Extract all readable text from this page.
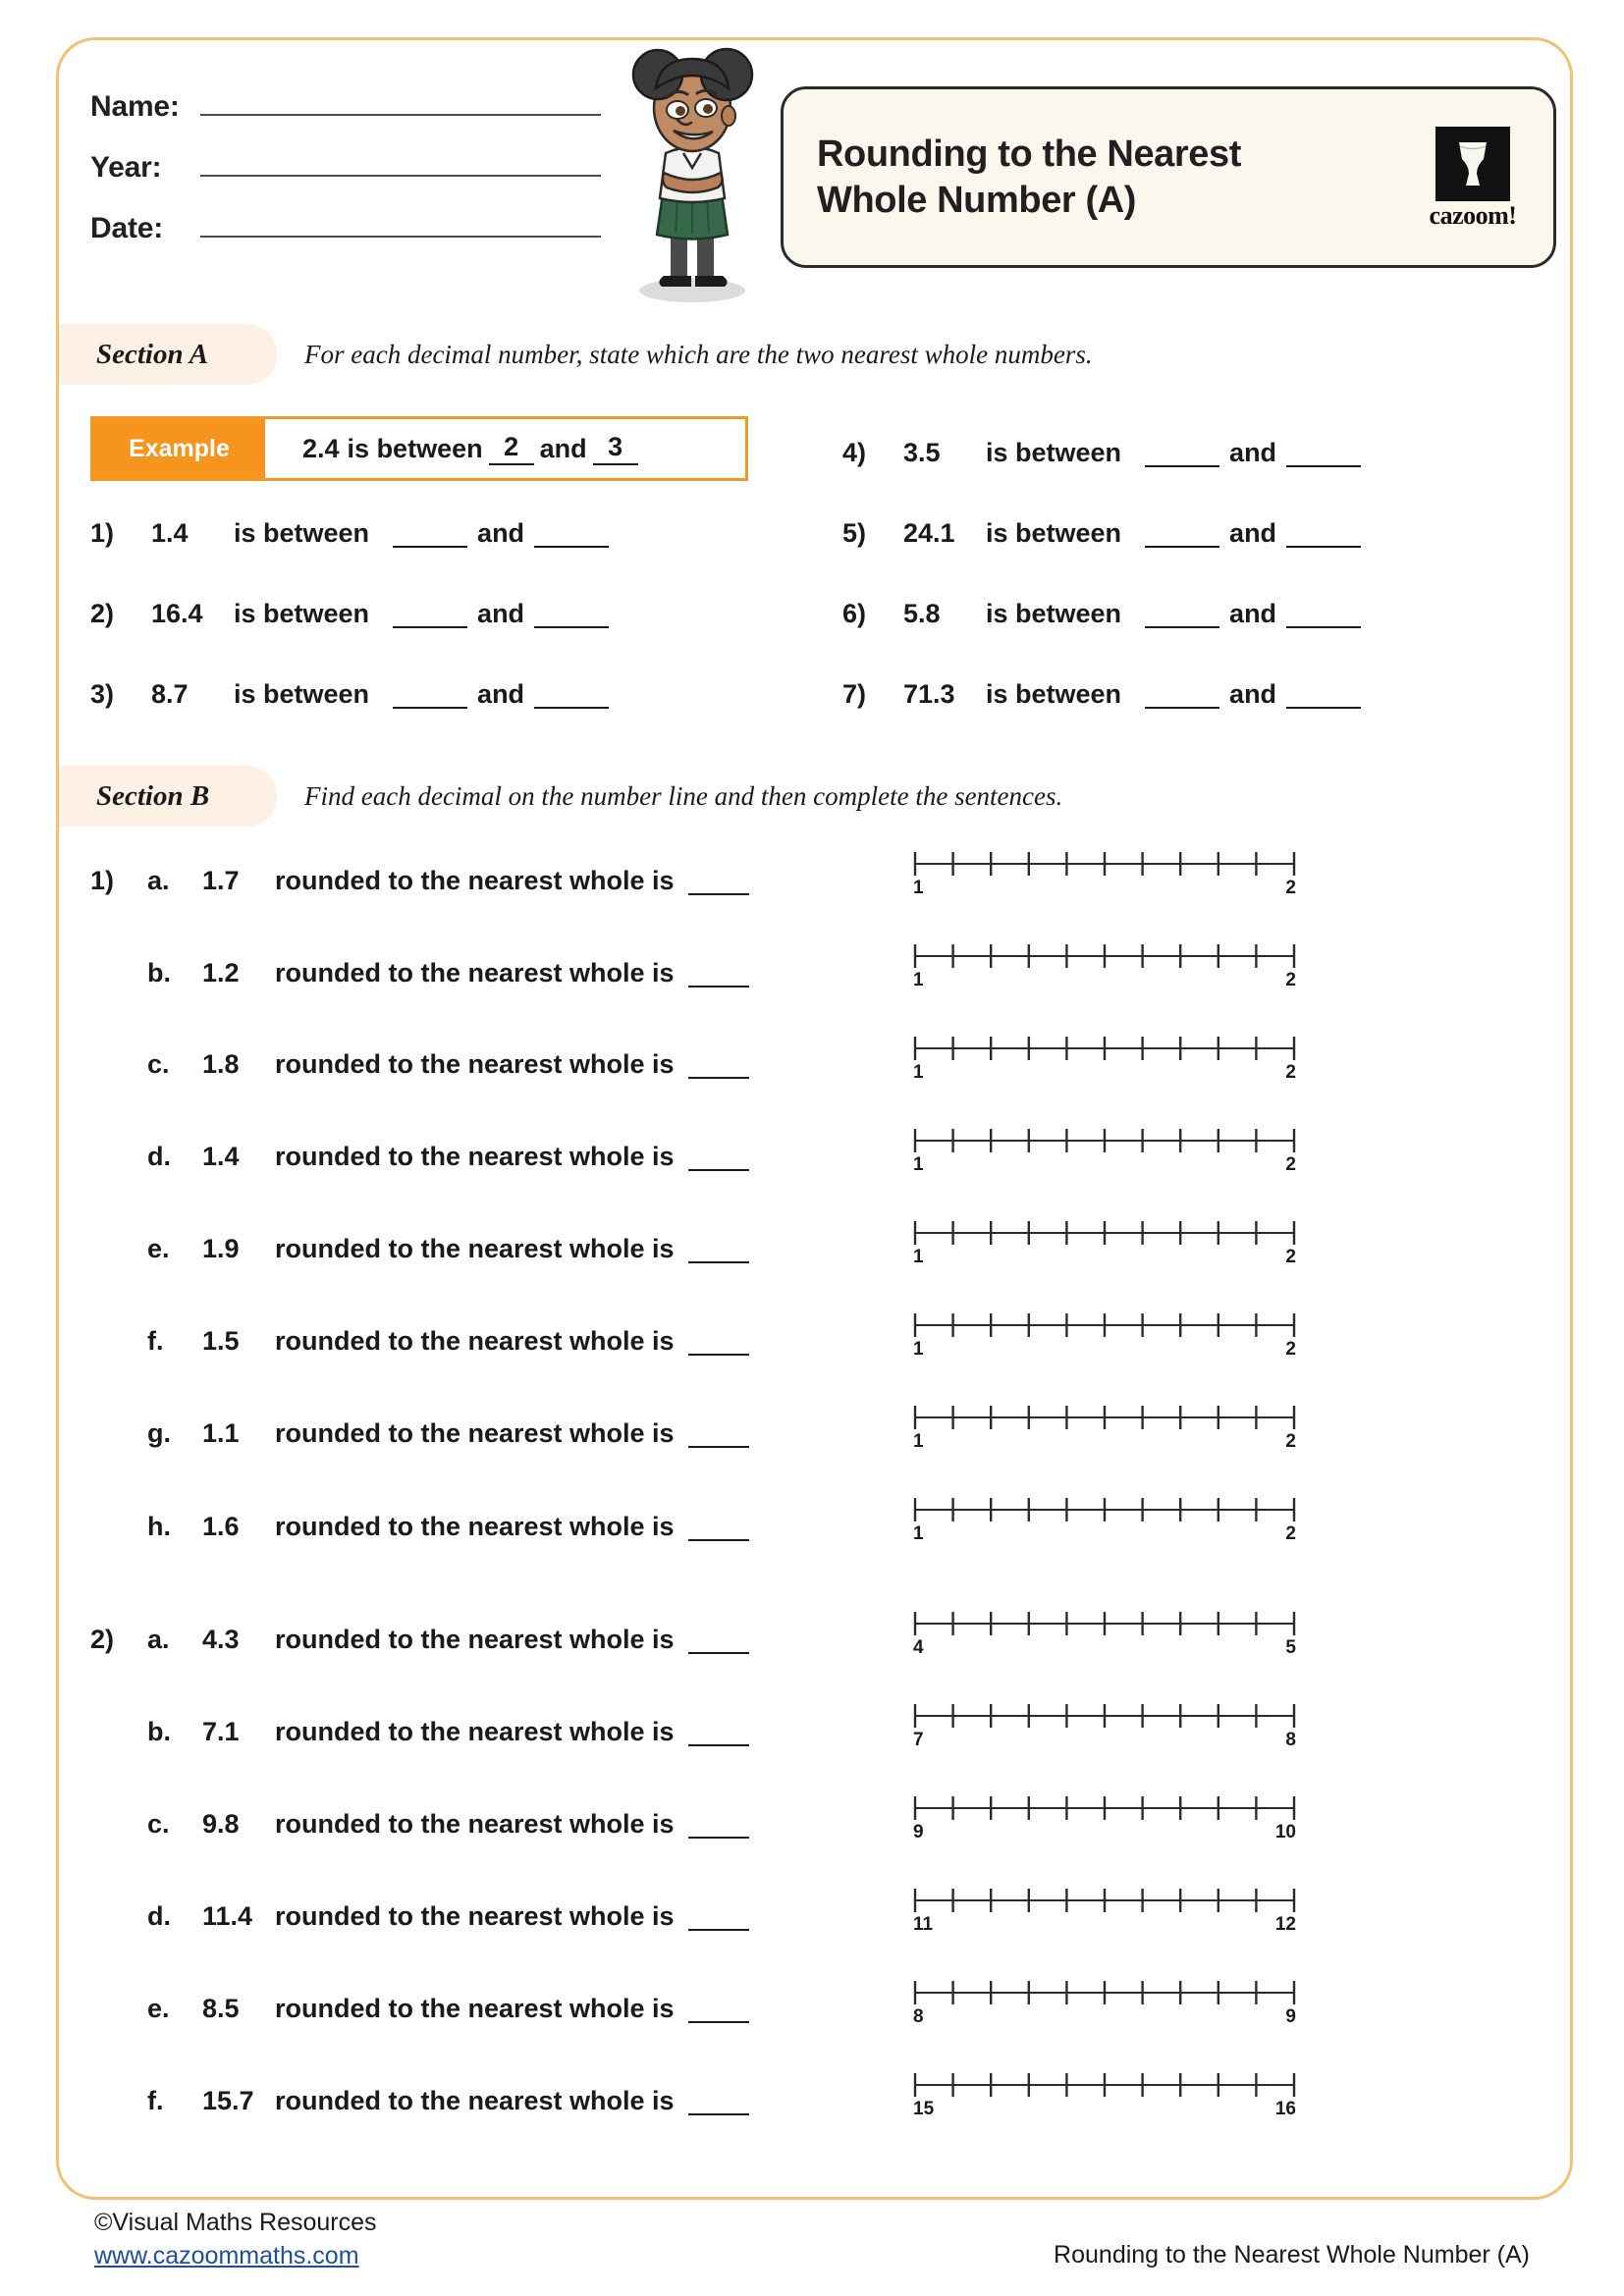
Name:
Year:
Date:
Rounding to the Nearest
Whole Number (A)	cazoom!
Section A	For each decimal number, state which are the two nearest whole numbers.
Example	2.4 is between 2 and 3
1)	1.4	is between	and
2)	16.4	is between	and
3)	8.7	is between	and
4)	3.5	is between	and
5)	24.1	is between	and
6)	5.8	is between	and
7)	71.3	is between	and
Section B	Find each decimal on the number line and then complete the sentences.
1)	a.	1.7	rounded to the nearest whole is
b.	1.2	rounded to the nearest whole is
c.	1.8	rounded to the nearest whole is
d.	1.4	rounded to the nearest whole is
e.	1.9	rounded to the nearest whole is
f.	1.5	rounded to the nearest whole is
g.	1.1	rounded to the nearest whole is
h.	1.6	rounded to the nearest whole is
2)	a.	4.3	rounded to the nearest whole is
b.	7.1	rounded to the nearest whole is
c.	9.8	rounded to the nearest whole is
d.	11.4 rounded to the nearest whole is
e.	8.5	rounded to the nearest whole is
f.	15.7 rounded to the nearest whole is
1	2
1	2
1	2
1	2
1	2
1	2
1	2
1	2
4	5
7	8
9	10
11	12
8	9
15	16
©Visual Maths Resources
www.cazoommaths.com	Rounding to the Nearest Whole Number (A)
